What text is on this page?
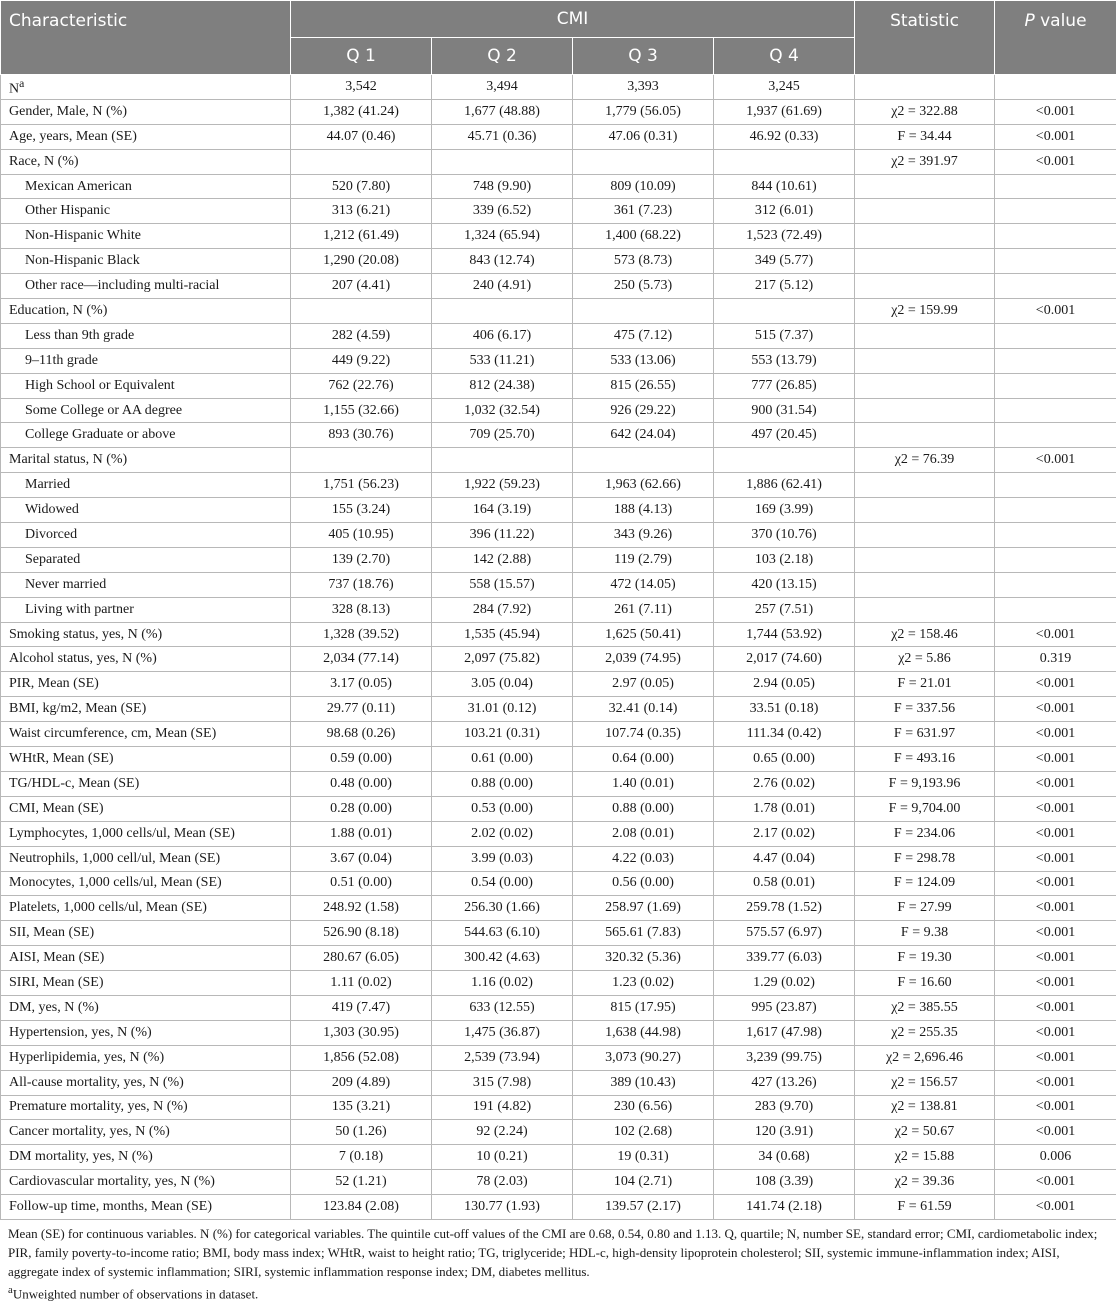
Characteristic	CMI				Statistic	P value
	Q 1	Q 2	Q 3	Q 4		
$N^a$	3,542	3,494	3,393	3,245		
Gender, Male, N (%)	1,382 (41.24)	1,677 (48.88)	1,779 (56.05)	1,937 (61.69)	χ2 = 322.88	<0.001
Age, years, Mean (SE)	44.07 (0.46)	45.71 (0.36)	47.06 (0.31)	46.92 (0.33)	F = 34.44	<0.001
Race, N (%)					χ2 = 391.97	<0.001
Mexican American	520 (7.80)	748 (9.90)	809 (10.09)	844 (10.61)		
Other Hispanic	313 (6.21)	339 (6.52)	361 (7.23)	312 (6.01)		
Non-Hispanic White	1,212 (61.49)	1,324 (65.94)	1,400 (68.22)	1,523 (72.49)		
Non-Hispanic Black	1,290 (20.08)	843 (12.74)	573 (8.73)	349 (5.77)		
Other race—including multi-racial	207 (4.41)	240 (4.91)	250 (5.73)	217 (5.12)		
Education, N (%)					χ2 = 159.99	<0.001
Less than 9th grade	282 (4.59)	406 (6.17)	475 (7.12)	515 (7.37)		
9–11th grade	449 (9.22)	533 (11.21)	533 (13.06)	553 (13.79)		
High School or Equivalent	762 (22.76)	812 (24.38)	815 (26.55)	777 (26.85)		
Some College or AA degree	1,155 (32.66)	1,032 (32.54)	926 (29.22)	900 (31.54)		
College Graduate or above	893 (30.76)	709 (25.70)	642 (24.04)	497 (20.45)		
Marital status, N (%)					χ2 = 76.39	<0.001
Married	1,751 (56.23)	1,922 (59.23)	1,963 (62.66)	1,886 (62.41)		
Widowed	155 (3.24)	164 (3.19)	188 (4.13)	169 (3.99)		
Divorced	405 (10.95)	396 (11.22)	343 (9.26)	370 (10.76)		
Separated	139 (2.70)	142 (2.88)	119 (2.79)	103 (2.18)		
Never married	737 (18.76)	558 (15.57)	472 (14.05)	420 (13.15)		
Living with partner	328 (8.13)	284 (7.92)	261 (7.11)	257 (7.51)		
Smoking status, yes, N (%)	1,328 (39.52)	1,535 (45.94)	1,625 (50.41)	1,744 (53.92)	χ2 = 158.46	<0.001
Alcohol status, yes, N (%)	2,034 (77.14)	2,097 (75.82)	2,039 (74.95)	2,017 (74.60)	χ2 = 5.86	0.319
PIR, Mean (SE)	3.17 (0.05)	3.05 (0.04)	2.97 (0.05)	2.94 (0.05)	F = 21.01	<0.001
BMI, kg/m2, Mean (SE)	29.77 (0.11)	31.01 (0.12)	32.41 (0.14)	33.51 (0.18)	F = 337.56	<0.001
Waist circumference, cm, Mean (SE)	98.68 (0.26)	103.21 (0.31)	107.74 (0.35)	111.34 (0.42)	F = 631.97	<0.001
WHtR, Mean (SE)	0.59 (0.00)	0.61 (0.00)	0.64 (0.00)	0.65 (0.00)	F = 493.16	<0.001
TG/HDL-c, Mean (SE)	0.48 (0.00)	0.88 (0.00)	1.40 (0.01)	2.76 (0.02)	F = 9,193.96	<0.001
CMI, Mean (SE)	0.28 (0.00)	0.53 (0.00)	0.88 (0.00)	1.78 (0.01)	F = 9,704.00	<0.001
Lymphocytes, 1,000 cells/ul, Mean (SE)	1.88 (0.01)	2.02 (0.02)	2.08 (0.01)	2.17 (0.02)	F = 234.06	<0.001
Neutrophils, 1,000 cell/ul, Mean (SE)	3.67 (0.04)	3.99 (0.03)	4.22 (0.03)	4.47 (0.04)	F = 298.78	<0.001
Monocytes, 1,000 cells/ul, Mean (SE)	0.51 (0.00)	0.54 (0.00)	0.56 (0.00)	0.58 (0.01)	F = 124.09	<0.001
Platelets, 1,000 cells/ul, Mean (SE)	248.92 (1.58)	256.30 (1.66)	258.97 (1.69)	259.78 (1.52)	F = 27.99	<0.001
SII, Mean (SE)	526.90 (8.18)	544.63 (6.10)	565.61 (7.83)	575.57 (6.97)	F = 9.38	<0.001
AISI, Mean (SE)	280.67 (6.05)	300.42 (4.63)	320.32 (5.36)	339.77 (6.03)	F = 19.30	<0.001
SIRI, Mean (SE)	1.11 (0.02)	1.16 (0.02)	1.23 (0.02)	1.29 (0.02)	F = 16.60	<0.001
DM, yes, N (%)	419 (7.47)	633 (12.55)	815 (17.95)	995 (23.87)	χ2 = 385.55	<0.001
Hypertension, yes, N (%)	1,303 (30.95)	1,475 (36.87)	1,638 (44.98)	1,617 (47.98)	χ2 = 255.35	<0.001
Hyperlipidemia, yes, N (%)	1,856 (52.08)	2,539 (73.94)	3,073 (90.27)	3,239 (99.75)	χ2 = 2,696.46	<0.001
All-cause mortality, yes, N (%)	209 (4.89)	315 (7.98)	389 (10.43)	427 (13.26)	χ2 = 156.57	<0.001
Premature mortality, yes, N (%)	135 (3.21)	191 (4.82)	230 (6.56)	283 (9.70)	χ2 = 138.81	<0.001
Cancer mortality, yes, N (%)	50 (1.26)	92 (2.24)	102 (2.68)	120 (3.91)	χ2 = 50.67	<0.001
DM mortality, yes, N (%)	7 (0.18)	10 (0.21)	19 (0.31)	34 (0.68)	χ2 = 15.88	0.006
Cardiovascular mortality, yes, N (%)	52 (1.21)	78 (2.03)	104 (2.71)	108 (3.39)	χ2 = 39.36	<0.001
Follow-up time, months, Mean (SE)	123.84 (2.08)	130.77 (1.93)	139.57 (2.17)	141.74 (2.18)	F = 61.59	<0.001

Mean (SE) for continuous variables. N (%) for categorical variables. The quintile cut-off values of the CMI are 0.68, 0.54, 0.80 and 1.13. Q, quartile; N, number SE, standard error; CMI, cardiometabolic index; PIR, family poverty-to-income ratio; BMI, body mass index; WHtR, waist to height ratio; TG, triglyceride; HDL-c, high-density lipoprotein cholesterol; SII, systemic immune-inflammation index; AISI, aggregate index of systemic inflammation; SIRI, systemic inflammation response index; DM, diabetes mellitus.

$^a$Unweighted number of observations in dataset.
